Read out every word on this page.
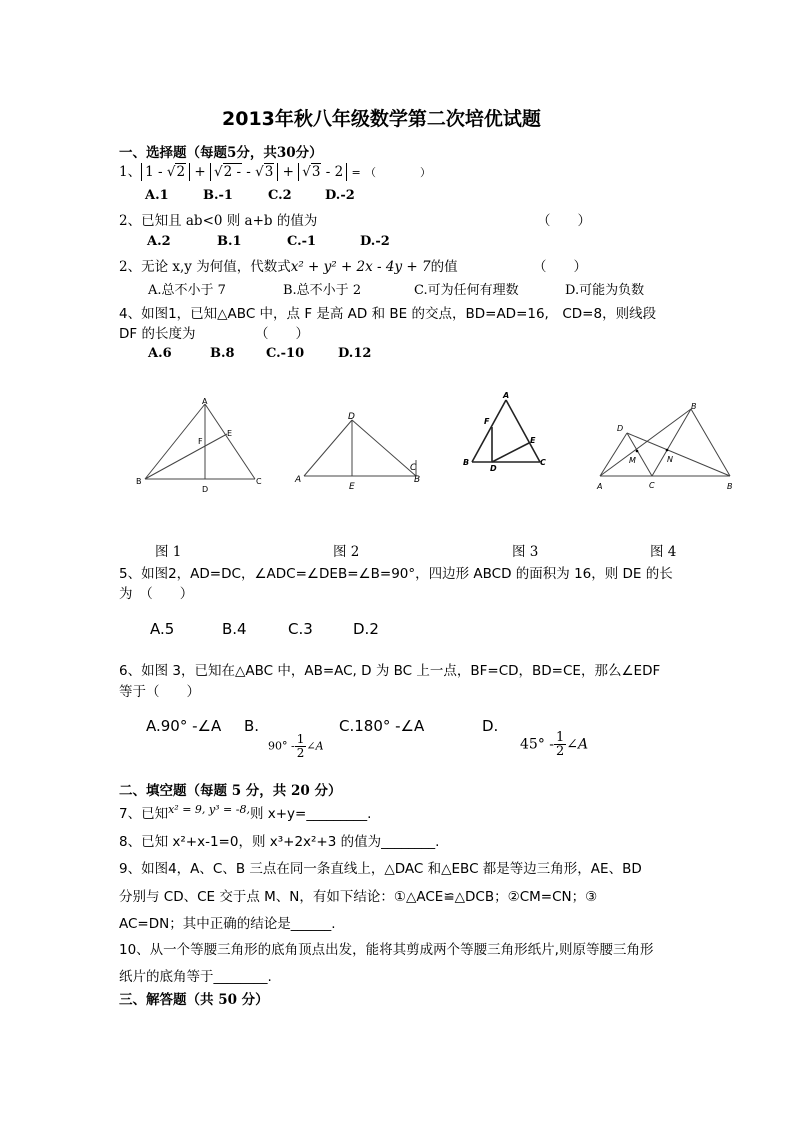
2013年秋八年级数学第二次培优试题
一、选择题（每题5分，共30分）
1、 1 - √2 + √2 - - √3 + √3 - 2 = （　　　　）
A.1	B.-1	C.2	D.-2
2、已知且 ab<0 则 a+b 的值为	（　　）
A.2	B.1	C.-1	D.-2
2、无论 x,y 为何值，代数式x² + y² + 2x - 4y + 7的值	（　　）
A.总不小于 7	B.总不小于 2	C.可为任何有理数	D.可能为负数
4、如图1，已知△ABC 中，点 F 是高 AD 和 BE 的交点，BD=AD=16,　CD=8，则线段
DF 的长度为	（　　）
A.6	B.8 C.-10	D.12
A
E
F
B
D
C
D
A
E
C
B
A
F
E
B
D
C
B
D
M	N
A	C	B
图 1	图 2	图 3	图 4
5、如图2，AD=DC，∠ADC=∠DEB=∠B=90°，四边形 ABCD 的面积为 16，则 DE 的长
为　（　　）
A.5	B.4	C.3	D.2
6、如图 3，已知在△ABC 中，AB=AC, D 为 BC 上一点，BF=CD，BD=CE，那么∠EDF
等于（　　）
A.90° -∠A B.
$90^\circ - \frac{1}{2}$ ∠A
C.180° -∠A	D.
$45^\circ - \frac{1}{2}$ ∠A
二、填空题（每题 5 分，共 20 分）
7、已知$^{x^2 = 9, y^3 = -8,}$则 x+y=_________.
8、已知 x²+x-1=0，则 x³+2x²+3 的值为________.
9、如图4，A、C、B 三点在同一条直线上，△DAC 和△EBC 都是等边三角形，AE、BD
分别与 CD、CE 交于点 M、N，有如下结论：①△ACE≌△DCB；②CM=CN；③
AC=DN；其中正确的结论是______.
10、从一个等腰三角形的底角顶点出发，能将其剪成两个等腰三角形纸片,则原等腰三角形
纸片的底角等于________.
三、解答题（共 50 分）
